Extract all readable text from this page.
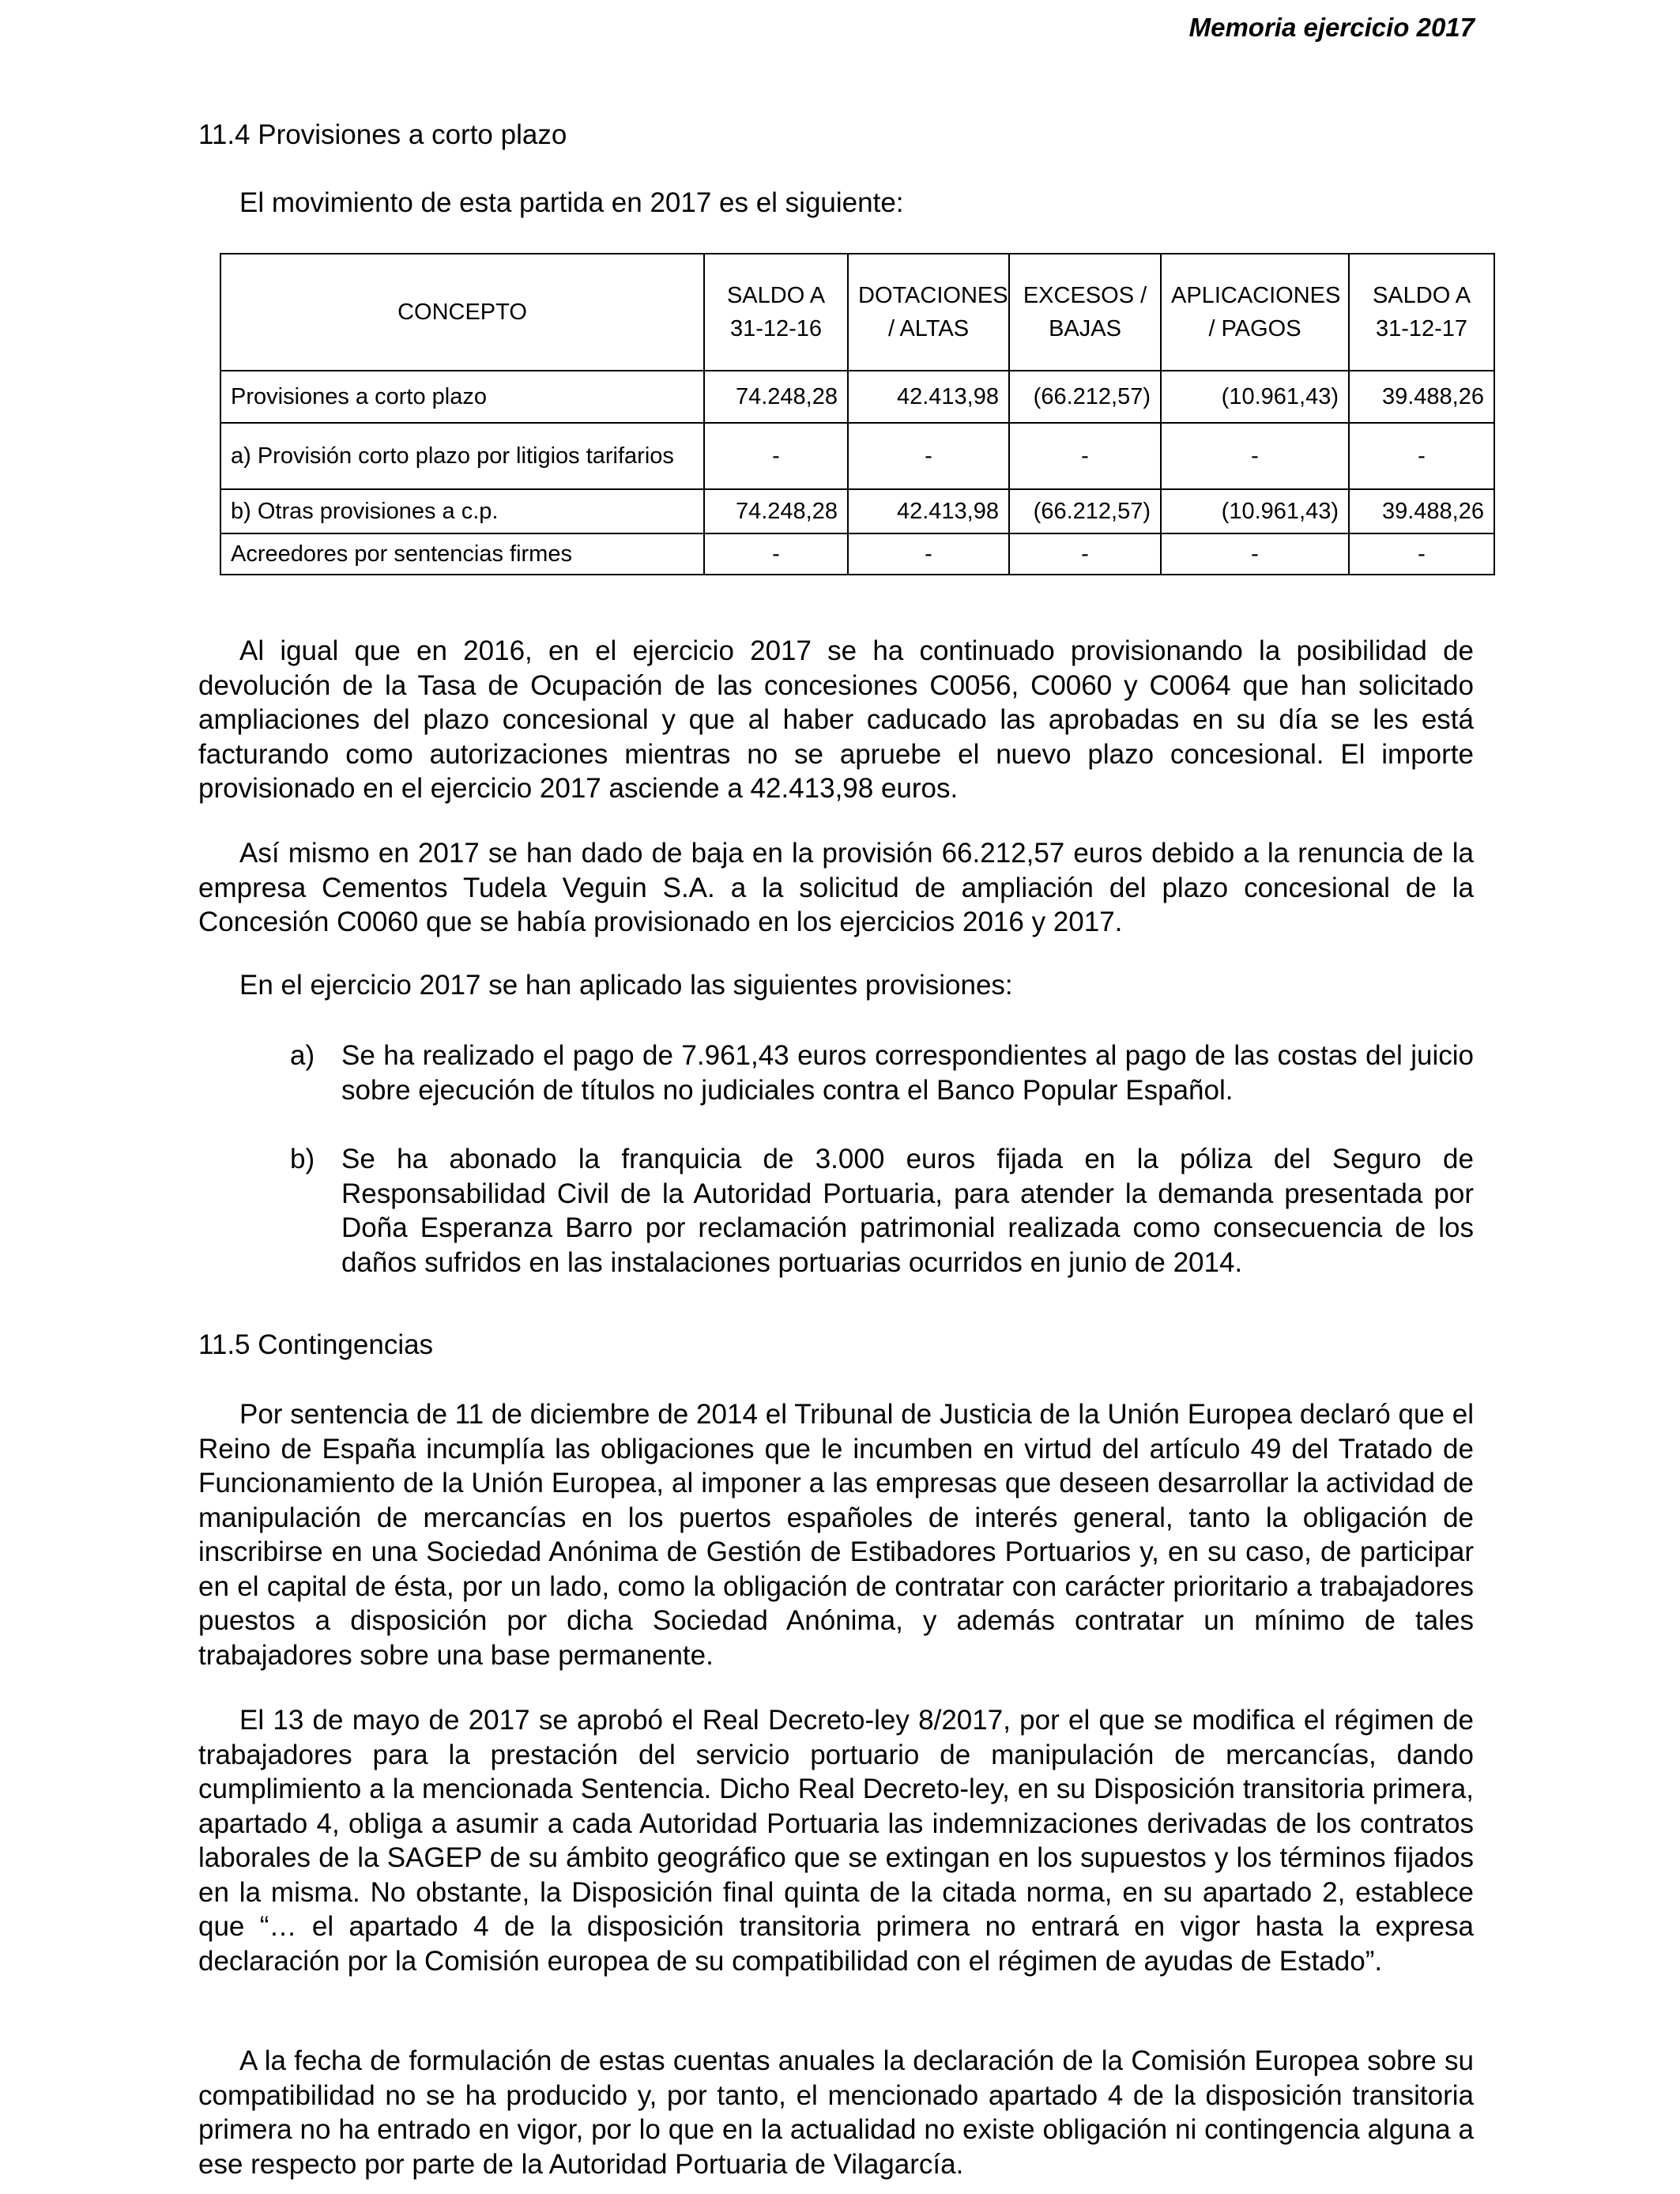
Memoria ejercicio 2017
11.4 Provisiones a corto plazo
El movimiento de esta partida en 2017 es el siguiente:
CONCEPTO	SALDO A 31-12-16	DOTACIONES / ALTAS	EXCESOS / BAJAS	APLICACIONES / PAGOS	SALDO A 31-12-17
Provisiones a corto plazo	74.248,28	42.413,98	(66.212,57)	(10.961,43)	39.488,26
a) Provisión corto plazo por litigios tarifarios	-	-	-	-	-
b) Otras provisiones a c.p.	74.248,28	42.413,98	(66.212,57)	(10.961,43)	39.488,26
Acreedores por sentencias firmes	-	-	-	-	-
Al igual que en 2016, en el ejercicio 2017 se ha continuado provisionando la posibilidad de devolución de la Tasa de Ocupación de las concesiones C0056, C0060 y C0064 que han solicitado ampliaciones del plazo concesional y que al haber caducado las aprobadas en su día se les está facturando como autorizaciones mientras no se apruebe el nuevo plazo concesional. El importe provisionado en el ejercicio 2017 asciende a 42.413,98 euros.
Así mismo en 2017 se han dado de baja en la provisión 66.212,57 euros debido a la renuncia de la empresa Cementos Tudela Veguin S.A. a la solicitud de ampliación del plazo concesional de la Concesión C0060 que se había provisionado en los ejercicios 2016 y 2017.
En el ejercicio 2017 se han aplicado las siguientes provisiones:
a) Se ha realizado el pago de 7.961,43 euros correspondientes al pago de las costas del juicio sobre ejecución de títulos no judiciales contra el Banco Popular Español.
b) Se ha abonado la franquicia de 3.000 euros fijada en la póliza del Seguro de Responsabilidad Civil de la Autoridad Portuaria, para atender la demanda presentada por Doña Esperanza Barro por reclamación patrimonial realizada como consecuencia de los daños sufridos en las instalaciones portuarias ocurridos en junio de 2014.
11.5 Contingencias
Por sentencia de 11 de diciembre de 2014 el Tribunal de Justicia de la Unión Europea declaró que el Reino de España incumplía las obligaciones que le incumben en virtud del artículo 49 del Tratado de Funcionamiento de la Unión Europea, al imponer a las empresas que deseen desarrollar la actividad de manipulación de mercancías en los puertos españoles de interés general, tanto la obligación de inscribirse en una Sociedad Anónima de Gestión de Estibadores Portuarios y, en su caso, de participar en el capital de ésta, por un lado, como la obligación de contratar con carácter prioritario a trabajadores puestos a disposición por dicha Sociedad Anónima, y además contratar un mínimo de tales trabajadores sobre una base permanente.
El 13 de mayo de 2017 se aprobó el Real Decreto-ley 8/2017, por el que se modifica el régimen de trabajadores para la prestación del servicio portuario de manipulación de mercancías, dando cumplimiento a la mencionada Sentencia. Dicho Real Decreto-ley, en su Disposición transitoria primera, apartado 4, obliga a asumir a cada Autoridad Portuaria las indemnizaciones derivadas de los contratos laborales de la SAGEP de su ámbito geográfico que se extingan en los supuestos y los términos fijados en la misma. No obstante, la Disposición final quinta de la citada norma, en su apartado 2, establece que “… el apartado 4 de la disposición transitoria primera no entrará en vigor hasta la expresa declaración por la Comisión europea de su compatibilidad con el régimen de ayudas de Estado”.
A la fecha de formulación de estas cuentas anuales la declaración de la Comisión Europea sobre su compatibilidad no se ha producido y, por tanto, el mencionado apartado 4 de la disposición transitoria primera no ha entrado en vigor, por lo que en la actualidad no existe obligación ni contingencia alguna a ese respecto por parte de la Autoridad Portuaria de Vilagarcía.
